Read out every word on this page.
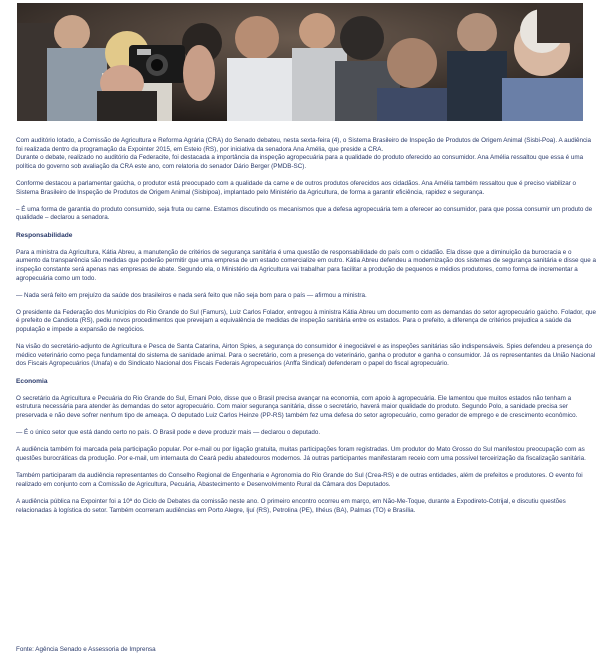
Com auditório lotado, a Comissão de Agricultura e Reforma Agrária (CRA) do Senado debateu, nesta sexta-feira (4), o Sistema Brasileiro de Inspeção de Produtos de Origem Animal (Sisbi-Poa). A audiência foi realizada dentro da programação da Expointer 2015, em Esteio (RS), por iniciativa da senadora Ana Amélia, que preside a CRA.
Durante o debate, realizado no auditório da Federacite, foi destacada a importância da inspeção agropecuária para a qualidade do produto oferecido ao consumidor. Ana Amélia ressaltou que essa é uma política do governo sob avaliação da CRA este ano, com relatoria do senador Dário Berger (PMDB-SC).

Conforme destacou a parlamentar gaúcha, o produtor está preocupado com a qualidade da carne e de outros produtos oferecidos aos cidadãos. Ana Amélia também ressaltou que é preciso viabilizar o Sistema Brasileiro de Inspeção de Produtos de Origem Animal (Sisbipoa), implantado pelo Ministério da Agricultura, de forma a garantir eficiência, rapidez e segurança.

– É uma forma de garantia do produto consumido, seja fruta ou carne. Estamos discutindo os mecanismos que a defesa agropecuária tem a oferecer ao consumidor, para que possa consumir um produto de qualidade – declarou a senadora.

Responsabilidade

Para a ministra da Agricultura, Kátia Abreu, a manutenção de critérios de segurança sanitária é uma questão de responsabilidade do país com o cidadão. Ela disse que a diminuição da burocracia e o aumento da transparência são medidas que poderão permitir que uma empresa de um estado comercialize em outro. Kátia Abreu defendeu a modernização dos sistemas de segurança sanitária e disse que a inspeção constante será apenas nas empresas de abate. Segundo ela, o Ministério da Agricultura vai trabalhar para facilitar a produção de pequenos e médios produtores, como forma de incrementar a agropecuária como um todo.

— Nada será feito em prejuízo da saúde dos brasileiros e nada será feito que não seja bom para o país — afirmou a ministra.

O presidente da Federação dos Municípios do Rio Grande do Sul (Famurs), Luiz Carlos Folador, entregou à ministra Kátia Abreu um documento com as demandas do setor agropecuário gaúcho. Folador, que é prefeito de Candiota (RS), pediu novos procedimentos que prevejam a equivalência de medidas de inspeção sanitária entre os estados. Para o prefeito, a diferença de critérios prejudica a saúde da população e impede a expansão de negócios.

Na visão do secretário-adjunto de Agricultura e Pesca de Santa Catarina, Airton Spies, a segurança do consumidor é inegociável e as inspeções sanitárias são indispensáveis. Spies defendeu a presença do médico veterinário como peça fundamental do sistema de sanidade animal. Para o secretário, com a presença do veterinário, ganha o produtor e ganha o consumidor. Já os representantes da União Nacional dos Fiscais Agropecuários (Unafa) e do Sindicato Nacional dos Fiscais Federais Agropecuários (Anffa Sindical) defenderam o papel do fiscal agropecuário.

Economia

O secretário da Agricultura e Pecuária do Rio Grande do Sul, Ernani Polo, disse que o Brasil precisa avançar na economia, com apoio à agropecuária. Ele lamentou que muitos estados não tenham a estrutura necessária para atender às demandas do setor agropecuário. Com maior segurança sanitária, disse o secretário, haverá maior qualidade do produto. Segundo Polo, a sanidade precisa ser preservada e não deve sofrer nenhum tipo de ameaça. O deputado Luiz Carlos Heinze (PP-RS) também fez uma defesa do setor agropecuário, como gerador de emprego e de crescimento econômico.

— É o único setor que está dando certo no país. O Brasil pode e deve produzir mais — declarou o deputado.

A audiência também foi marcada pela participação popular. Por e-mail ou por ligação gratuita, muitas participações foram registradas. Um produtor do Mato Grosso do Sul manifestou preocupação com as questões burocráticas da produção. Por e-mail, um internauta do Ceará pediu abatedouros modernos. Já outras participantes manifestaram receio com uma possível terceirização da fiscalização sanitária.

Também participaram da audiência representantes do Conselho Regional de Engenharia e Agronomia do Rio Grande do Sul (Crea-RS) e de outras entidades, além de prefeitos e produtores. O evento foi realizado em conjunto com a Comissão de Agricultura, Pecuária, Abastecimento e Desenvolvimento Rural da Câmara dos Deputados.

A audiência pública na Expointer foi a 10ª do Ciclo de Debates da comissão neste ano. O primeiro encontro ocorreu em março, em Não-Me-Toque, durante a Expodireto-Cotrijal, e discutiu questões relacionadas à logística do setor. Também ocorreram audiências em Porto Alegre, Ijuí (RS), Petrolina (PE), Ilhéus (BA), Palmas (TO) e Brasília.

Fonte: Agência Senado e Assessoria de Imprensa
